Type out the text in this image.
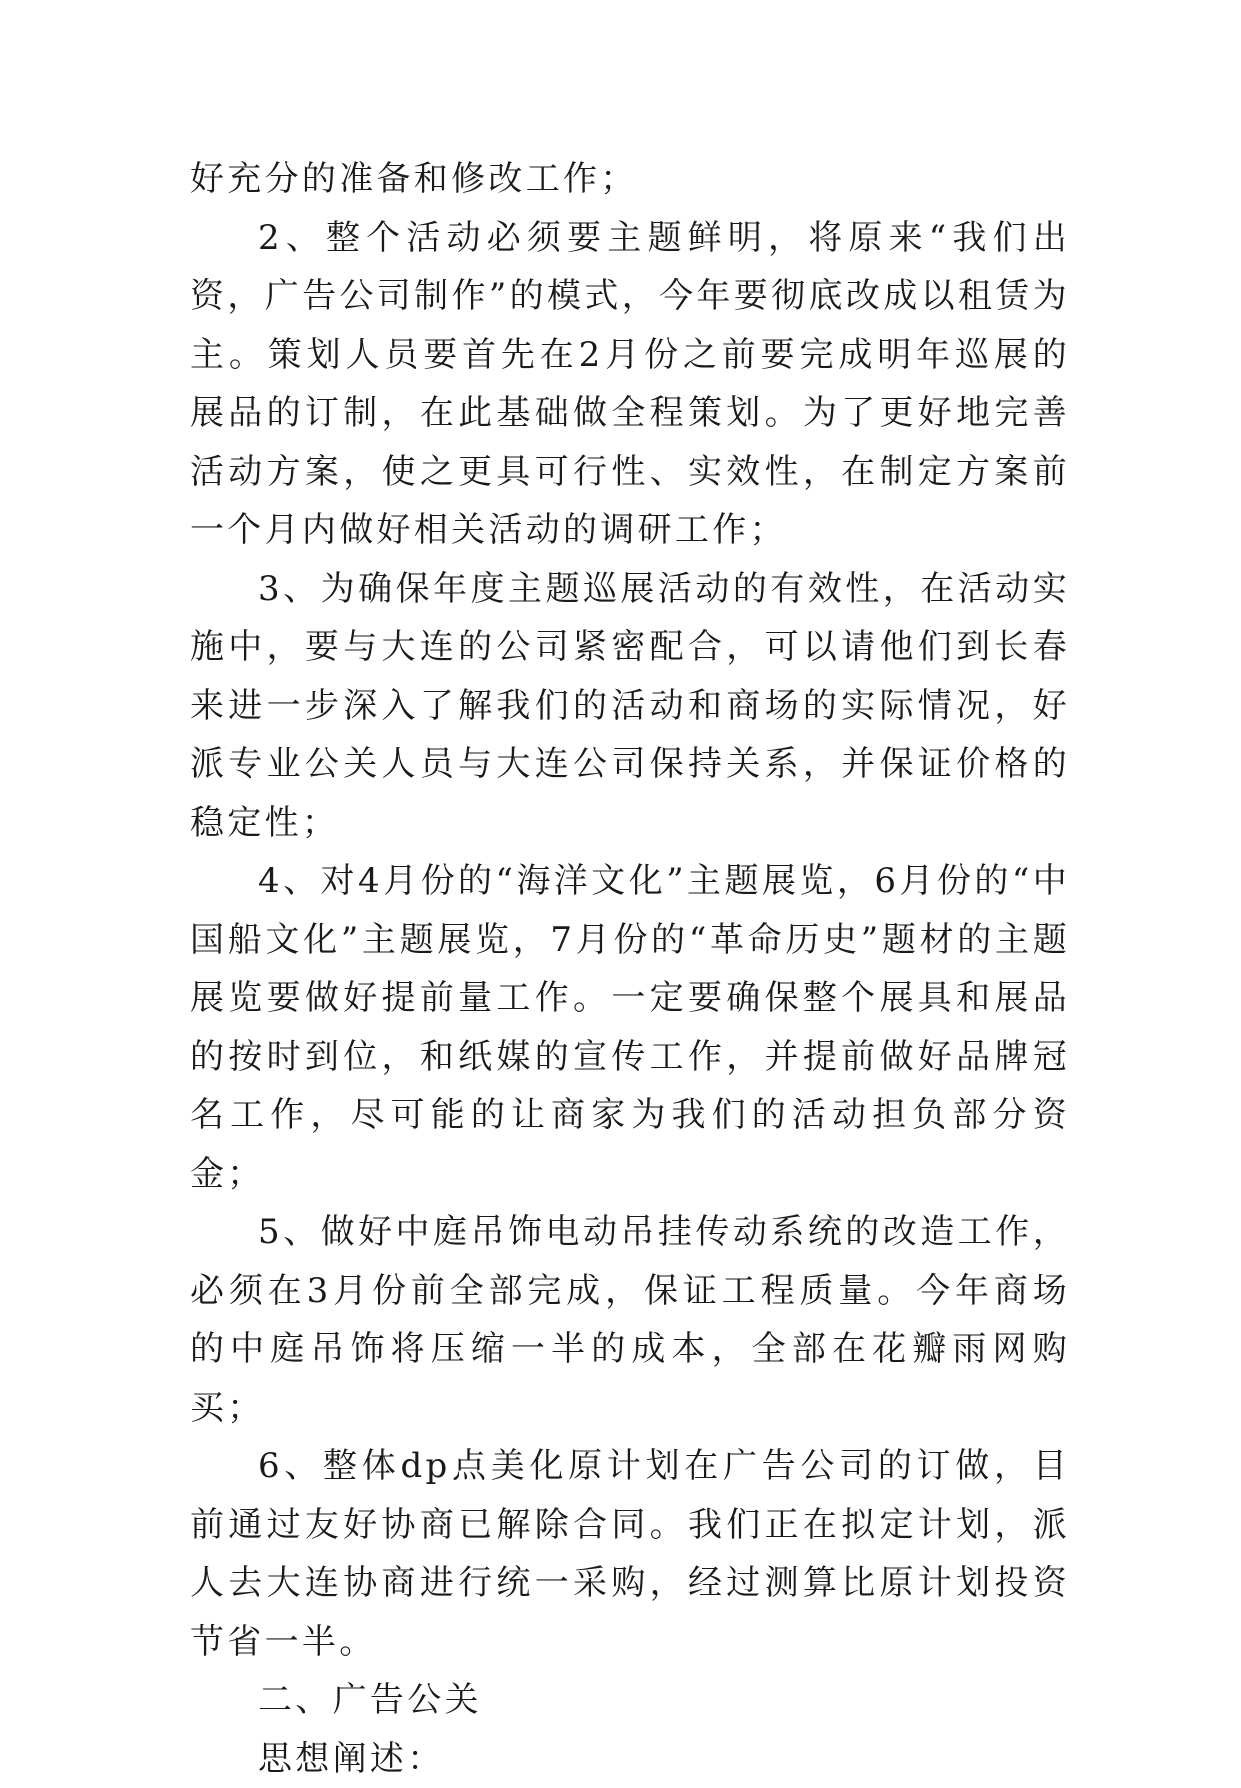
好充分的准备和修改工作；

2、整个活动必须要主题鲜明，将原来“我们出资，广告公司制作”的模式，今年要彻底改成以租赁为主。策划人员要首先在2月份之前要完成明年巡展的展品的订制，在此基础做全程策划。为了更好地完善活动方案，使之更具可行性、实效性，在制定方案前一个月内做好相关活动的调研工作；

3、为确保年度主题巡展活动的有效性，在活动实施中，要与大连的公司紧密配合，可以请他们到长春来进一步深入了解我们的活动和商场的实际情况，好派专业公关人员与大连公司保持关系，并保证价格的稳定性；

4、对4月份的“海洋文化”主题展览，6月份的“中国船文化”主题展览，7月份的“革命历史”题材的主题展览要做好提前量工作。一定要确保整个展具和展品的按时到位，和纸媒的宣传工作，并提前做好品牌冠名工作，尽可能的让商家为我们的活动担负部分资金；

5、做好中庭吊饰电动吊挂传动系统的改造工作，必须在3月份前全部完成，保证工程质量。今年商场的中庭吊饰将压缩一半的成本，全部在花瓣雨网购买；

6、整体dp点美化原计划在广告公司的订做，目前通过友好协商已解除合同。我们正在拟定计划，派人去大连协商进行统一采购，经过测算比原计划投资节省一半。

二、广告公关

思想阐述：
